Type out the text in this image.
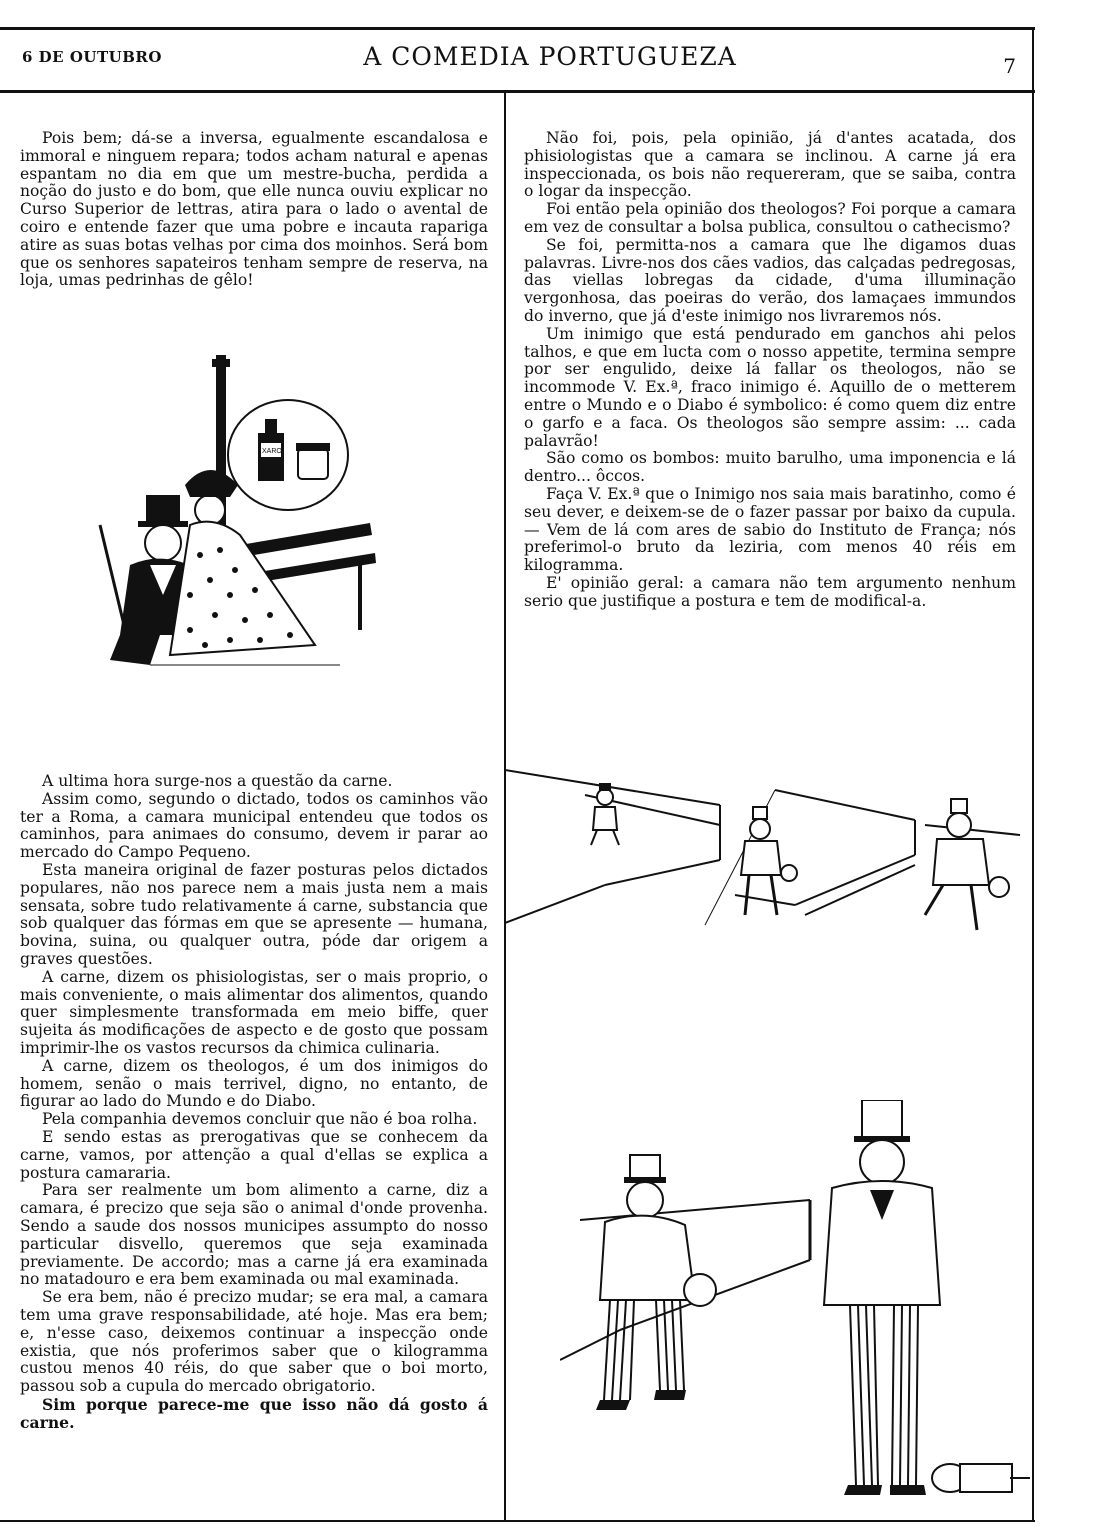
6 DE OUTUBRO	A COMEDIA PORTUGUEZA	7

Pois bem; dá-se a inversa, egualmente escandalosa e immoral e ninguem repara; todos acham natural e apenas espantam no dia em que um mestre-bucha, perdida a noção do justo e do bom, que elle nunca ouviu explicar no Curso Superior de lettras, atira para o lado o avental de coiro e entende fazer que uma pobre e incauta rapariga atire as suas botas velhas por cima dos moinhos. Será bom que os senhores sapateiros tenham sempre de reserva, na loja, umas pedrinhas de gêlo!

XARO

A ultima hora surge-nos a questão da carne.

Assim como, segundo o dictado, todos os caminhos vão ter a Roma, a camara municipal entendeu que todos os caminhos, para animaes do consumo, devem ir parar ao mercado do Campo Pequeno.

Esta maneira original de fazer posturas pelos dictados populares, não nos parece nem a mais justa nem a mais sensata, sobre tudo relativamente á carne, substancia que sob qualquer das fórmas em que se apresente — humana, bovina, suina, ou qualquer outra, póde dar origem a graves questões.

A carne, dizem os phisiologistas, ser o mais proprio, o mais conveniente, o mais alimentar dos alimentos, quando quer simplesmente transformada em meio biffe, quer sujeita ás modificações de aspecto e de gosto que possam imprimir-lhe os vastos recursos da chimica culinaria.

A carne, dizem os theologos, é um dos inimigos do homem, senão o mais terrivel, digno, no entanto, de figurar ao lado do Mundo e do Diabo.

Pela companhia devemos concluir que não é boa rolha.

E sendo estas as prerogativas que se conhecem da carne, vamos, por attenção a qual d'ellas se explica a postura camararia.

Para ser realmente um bom alimento a carne, diz a camara, é precizo que seja são o animal d'onde provenha. Sendo a saude dos nossos municipes assumpto do nosso particular disvello, queremos que seja examinada previamente. De accordo; mas a carne já era examinada no matadouro e era bem examinada ou mal examinada.

Se era bem, não é precizo mudar; se era mal, a camara tem uma grave responsabilidade, até hoje. Mas era bem; e, n'esse caso, deixemos continuar a inspecção onde existia, que nós proferimos saber que o kilogramma custou menos 40 réis, do que saber que o boi morto, passou sob a cupula do mercado obrigatorio.

Sim porque parece-me que isso não dá gosto á carne.

Não foi, pois, pela opinião, já d'antes acatada, dos phisiologistas que a camara se inclinou. A carne já era inspeccionada, os bois não requereram, que se saiba, contra o logar da inspecção.

Foi então pela opinião dos theologos? Foi porque a camara em vez de consultar a bolsa publica, consultou o cathecismo?

Se foi, permitta-nos a camara que lhe digamos duas palavras. Livre-nos dos cães vadios, das calçadas pedregosas, das viellas lobregas da cidade, d'uma illuminação vergonhosa, das poeiras do verão, dos lamaçaes immundos do inverno, que já d'este inimigo nos livraremos nós.

Um inimigo que está pendurado em ganchos ahi pelos talhos, e que em lucta com o nosso appetite, termina sempre por ser engulido, deixe lá fallar os theologos, não se incommode V. Ex.ª, fraco inimigo é. Aquillo de o metterem entre o Mundo e o Diabo é symbolico: é como quem diz entre o garfo e a faca. Os theologos são sempre assim: ... cada palavrão!

São como os bombos: muito barulho, uma imponencia e lá dentro... ôccos.

Faça V. Ex.ª que o Inimigo nos saia mais baratinho, como é seu dever, e deixem-se de o fazer passar por baixo da cupula. — Vem de lá com ares de sabio do Instituto de França; nós preferimol-o bruto da leziria, com menos 40 réis em kilogramma.

E' opinião geral: a camara não tem argumento nenhum serio que justifique a postura e tem de modifical-a.
